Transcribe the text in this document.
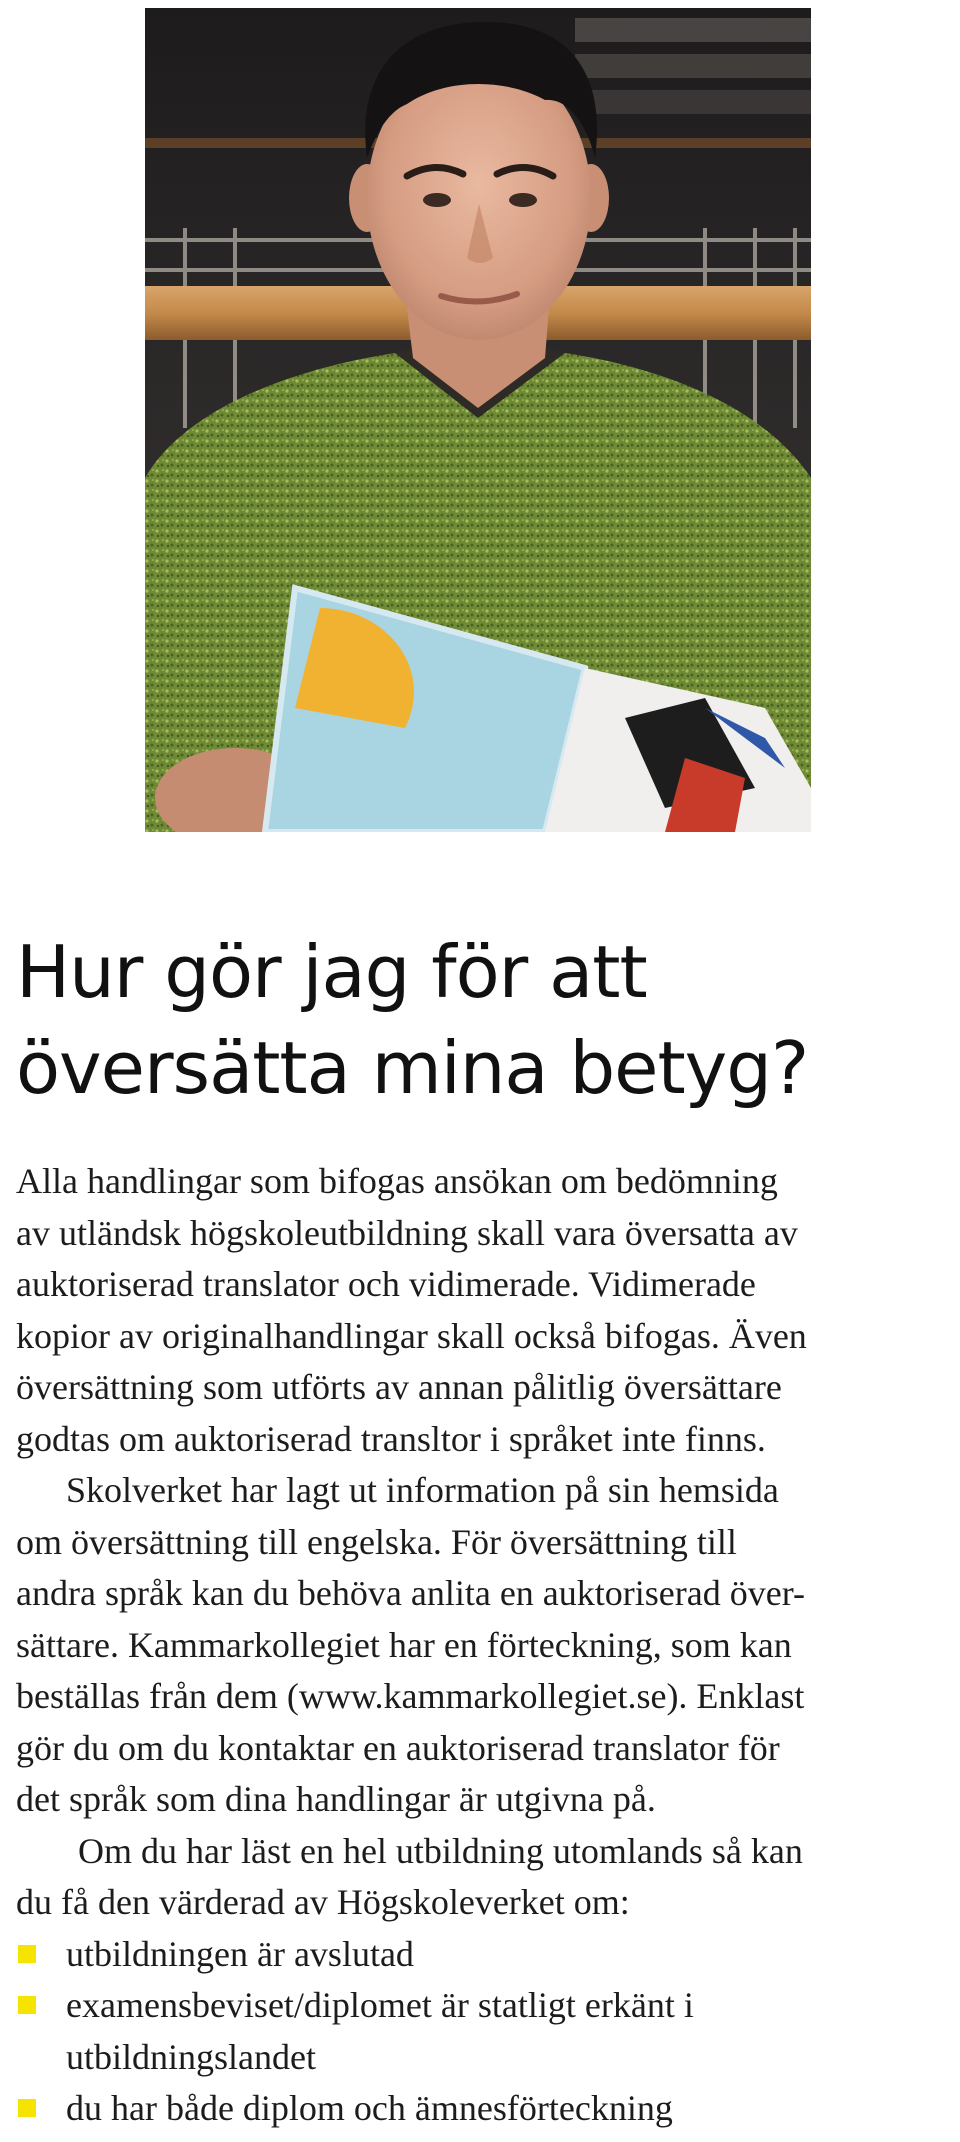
Hur gör jag för att
översätta mina betyg?
Alla handlingar som bifogas ansökan om bedömning
av utländsk högskoleutbildning skall vara översatta av
auktoriserad translator och vidimerade. Vidimerade
kopior av originalhandlingar skall också bifogas. Även
översättning som utförts av annan pålitlig översättare
godtas om auktoriserad transltor i språket inte finns.
Skolverket har lagt ut information på sin hemsida
om översättning till engelska. För översättning till
andra språk kan du behöva anlita en auktoriserad över-
sättare. Kammarkollegiet har en förteckning, som kan
beställas från dem (www.kammarkollegiet.se). Enklast
gör du om du kontaktar en auktoriserad translator för
det språk som dina handlingar är utgivna på.
Om du har läst en hel utbildning utomlands så kan
du få den värderad av Högskoleverket om:
utbildningen är avslutad
examensbeviset/diplomet är statligt erkänt i
utbildningslandet
du har både diplom och ämnesförteckning
